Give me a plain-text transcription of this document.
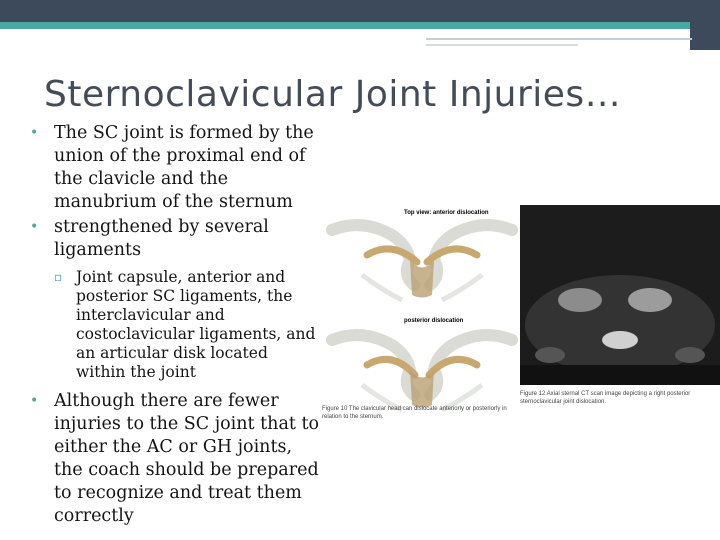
Sternoclavicular Joint Injuries…
• The SC joint is formed by the union of the proximal end of the clavicle and the manubrium of the sternum
• strengthened by several ligaments
▫ Joint capsule, anterior and posterior SC ligaments, the interclavicular and costoclavicular ligaments, and an articular disk located within the joint
• Although there are fewer injuries to the SC joint that to either the AC or GH joints, the coach should be prepared to recognize and treat them correctly
Top view: anterior dislocation
posterior dislocation
Figure 10 The clavicular head can dislocate anteriorly or posteriorly in relation to the sternum.
Figure 12 Axial sternal CT scan image depicting a right posterior sternoclavicular joint dislocation.
